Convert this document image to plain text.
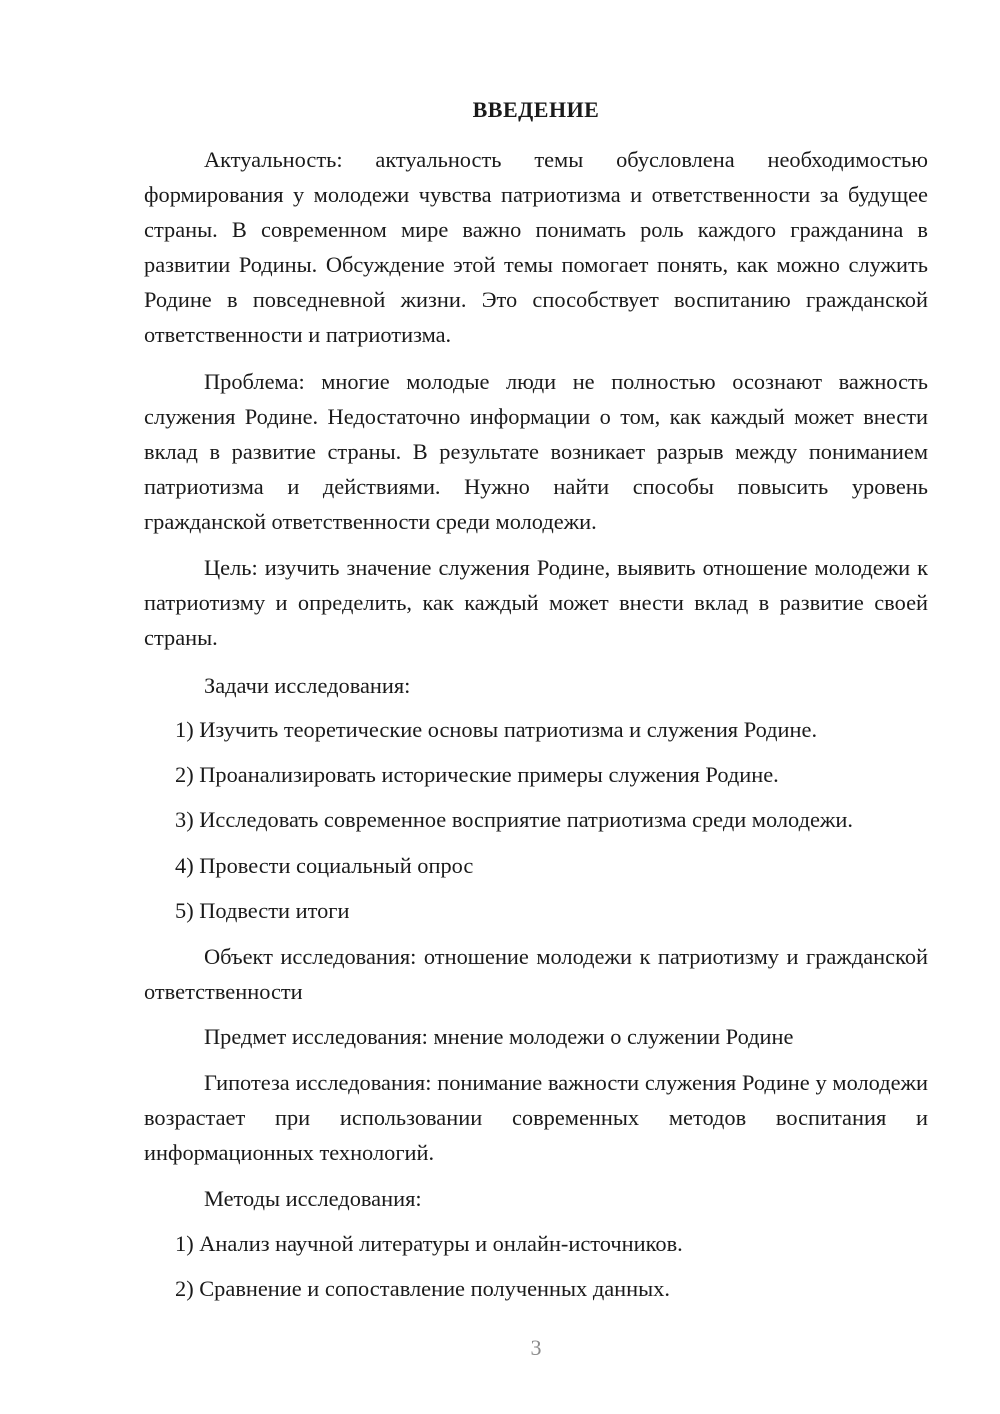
ВВЕДЕНИЕ

Актуальность: актуальность темы обусловлена необходимостью формирования у молодежи чувства патриотизма и ответственности за будущее страны. В современном мире важно понимать роль каждого гражданина в развитии Родины. Обсуждение этой темы помогает понять, как можно служить Родине в повседневной жизни. Это способствует воспитанию гражданской ответственности и патриотизма.

Проблема: многие молодые люди не полностью осознают важность служения Родине. Недостаточно информации о том, как каждый может внести вклад в развитие страны. В результате возникает разрыв между пониманием патриотизма и действиями. Нужно найти способы повысить уровень гражданской ответственности среди молодежи.

Цель: изучить значение служения Родине, выявить отношение молодежи к патриотизму и определить, как каждый может внести вклад в развитие своей страны.

Задачи исследования:

1) Изучить теоретические основы патриотизма и служения Родине.

2) Проанализировать исторические примеры служения Родине.

3) Исследовать современное восприятие патриотизма среди молодежи.

4) Провести социальный опрос

5) Подвести итоги

Объект исследования: отношение молодежи к патриотизму и гражданской ответственности

Предмет исследования: мнение молодежи о служении Родине

Гипотеза исследования: понимание важности служения Родине у молодежи возрастает при использовании современных методов воспитания и информационных технологий.

Методы исследования:

1) Анализ научной литературы и онлайн-источников.

2) Сравнение и сопоставление полученных данных.

3
